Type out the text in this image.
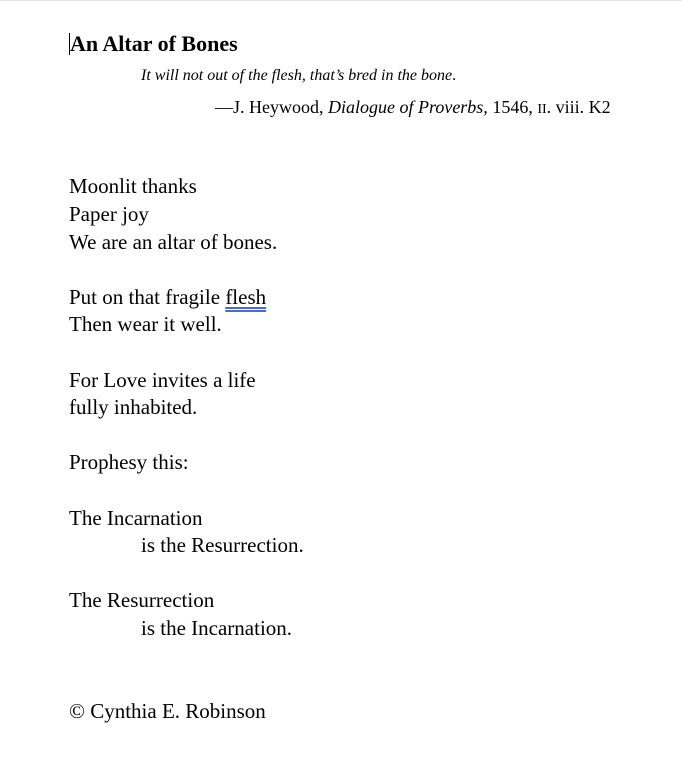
An Altar of Bones
It will not out of the flesh, that’s bred in the bone.
—J. Heywood, Dialogue of Proverbs, 1546, II. viii. K2
Moonlit thanks
Paper joy
We are an altar of bones.
Put on that fragile flesh
Then wear it well.
For Love invites a life
fully inhabited.
Prophesy this:
The Incarnation
is the Resurrection.
The Resurrection
is the Incarnation.
© Cynthia E. Robinson
